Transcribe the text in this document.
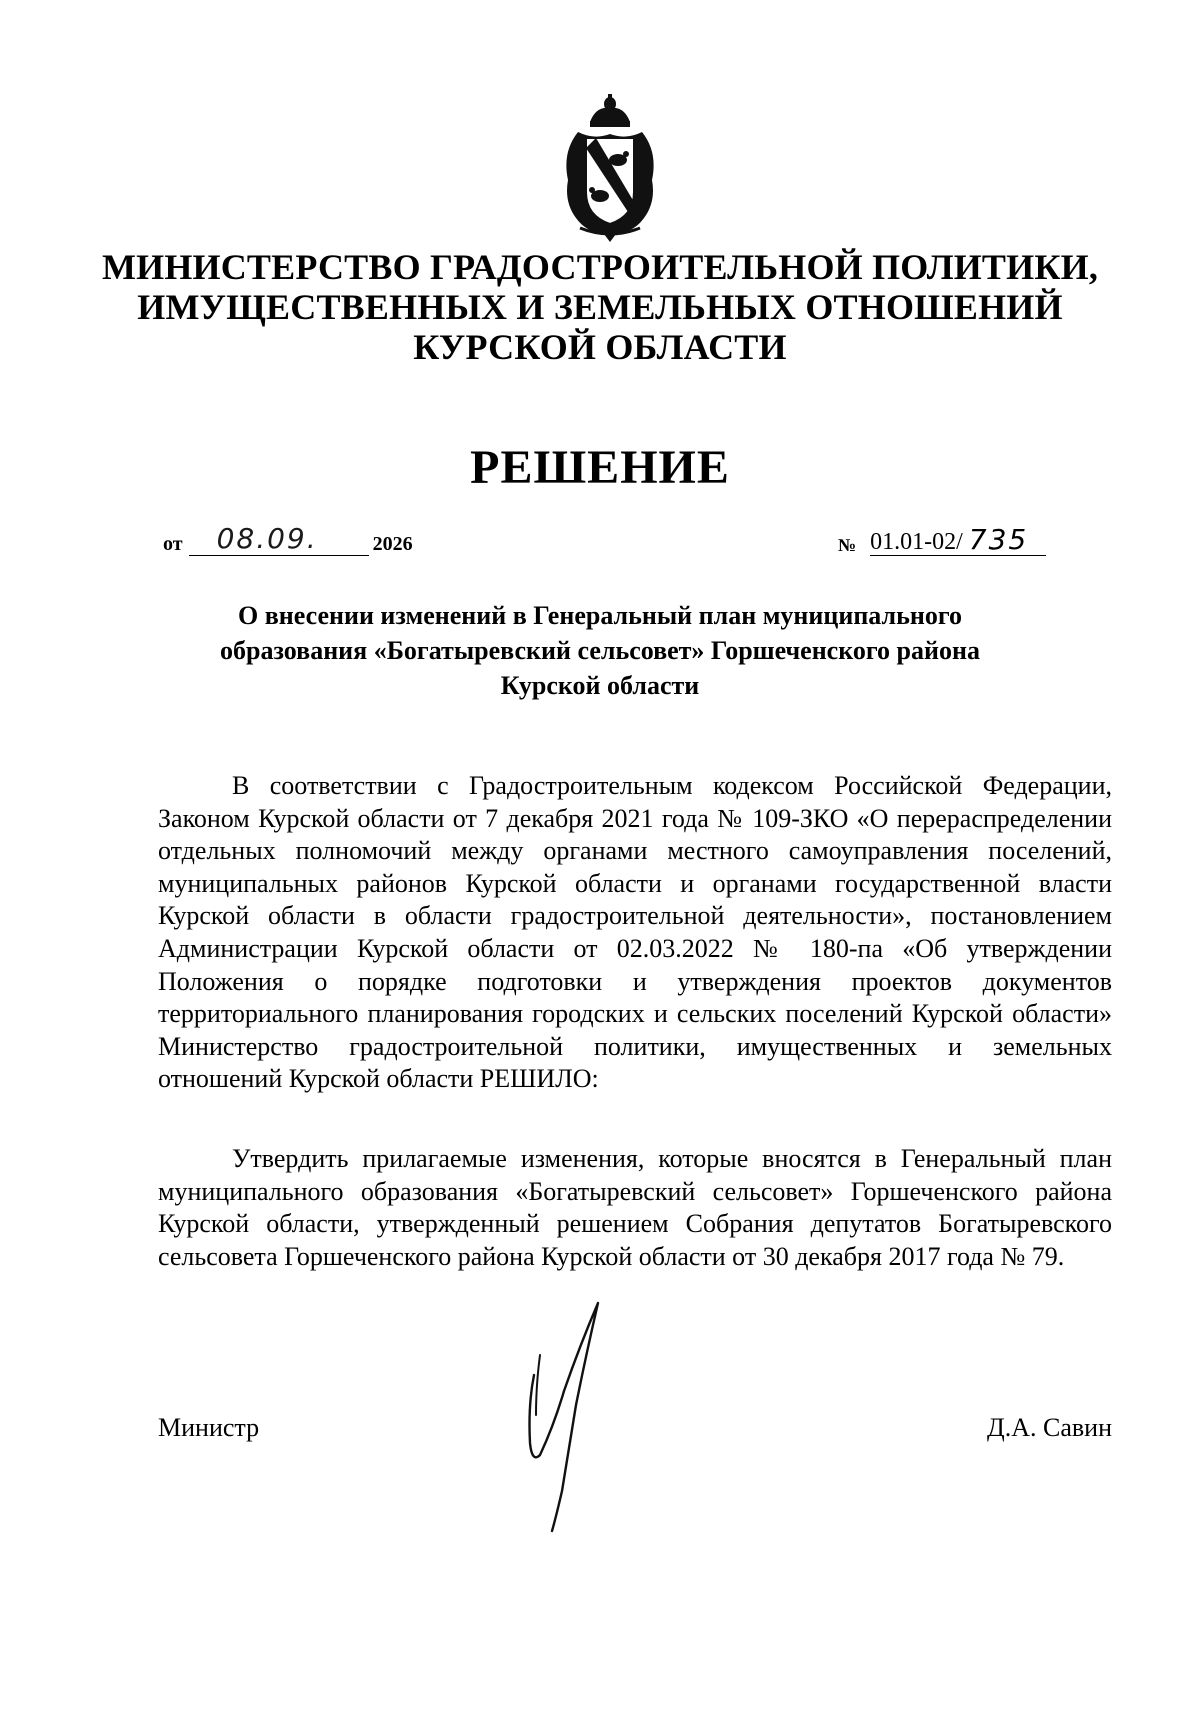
МИНИСТЕРСТВО ГРАДОСТРОИТЕЛЬНОЙ ПОЛИТИКИ,
ИМУЩЕСТВЕННЫХ И ЗЕМЕЛЬНЫХ ОТНОШЕНИЙ
КУРСКОЙ ОБЛАСТИ
РЕШЕНИЕ
от 08.09.	2026	№ 01.01-02/ 735
О внесении изменений в Генеральный план муниципального
образования «Богатыревский сельсовет» Горшеченского района
Курской области
В соответствии с Градостроительным кодексом Российской Федерации, Законом Курской области от 7 декабря 2021 года № 109-ЗКО «О перераспределении отдельных полномочий между органами местного самоуправления поселений, муниципальных районов Курской области и органами государственной власти Курской области в области градостроительной деятельности», постановлением Администрации Курской области от 02.03.2022 № 180-па «Об утверждении Положения о порядке подготовки и утверждения проектов документов территориального планирования городских и сельских поселений Курской области» Министерство градостроительной политики, имущественных и земельных отношений Курской области РЕШИЛО:
Утвердить прилагаемые изменения, которые вносятся в Генеральный план муниципального образования «Богатыревский сельсовет» Горшеченского района Курской области, утвержденный решением Собрания депутатов Богатыревского сельсовета Горшеченского района Курской области от 30 декабря 2017 года № 79.
Министр	Д.А. Савин
